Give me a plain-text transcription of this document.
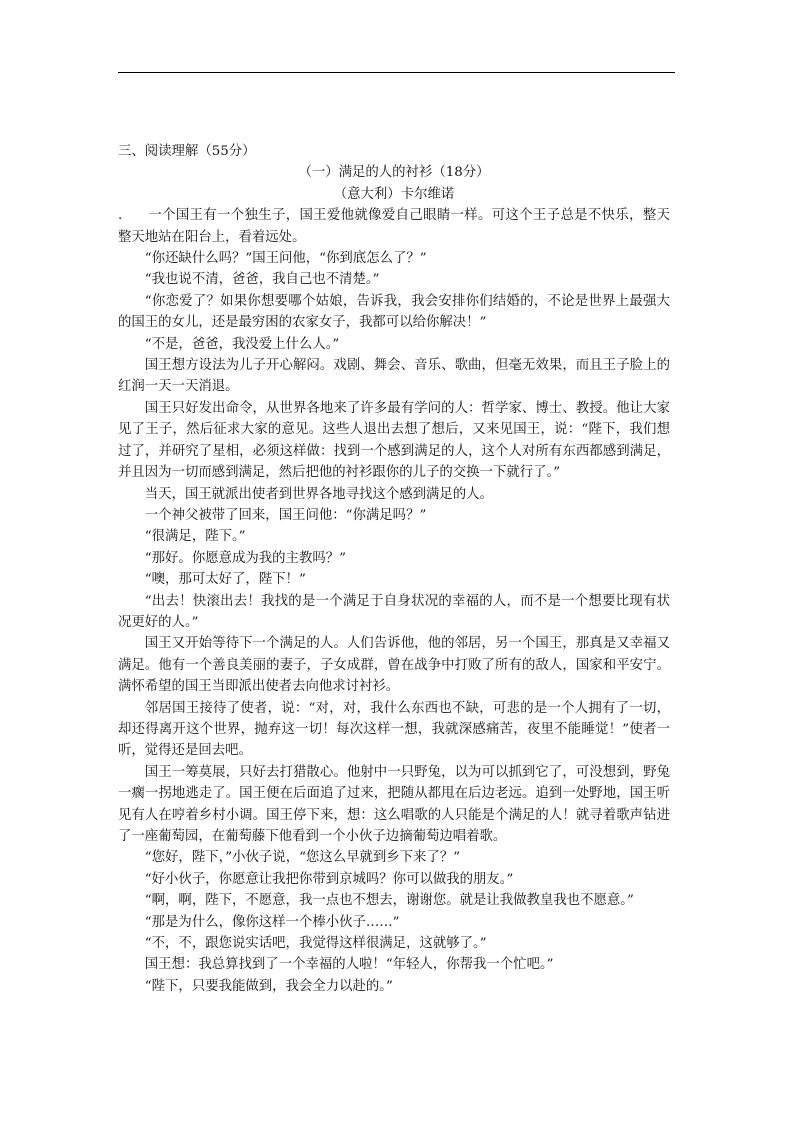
三、阅读理解（55分）

（一）满足的人的衬衫（18分）

（意大利）卡尔维诺

. 一个国王有一个独生子，国王爱他就像爱自己眼睛一样。可这个王子总是不快乐，整天整天地站在阳台上，看着远处。

“你还缺什么吗？”国王问他，“你到底怎么了？”

“我也说不清，爸爸，我自己也不清楚。”

“你恋爱了？如果你想要哪个姑娘，告诉我，我会安排你们结婚的，不论是世界上最强大的国王的女儿，还是最穷困的农家女子，我都可以给你解决！”

“不是，爸爸，我没爱上什么人。”

国王想方设法为儿子开心解闷。戏剧、舞会、音乐、歌曲，但毫无效果，而且王子脸上的红润一天一天消退。

国王只好发出命令，从世界各地来了许多最有学问的人：哲学家、博士、教授。他让大家见了王子，然后征求大家的意见。这些人退出去想了想后，又来见国王，说：“陛下，我们想过了，并研究了星相，必须这样做：找到一个感到满足的人，这个人对所有东西都感到满足，并且因为一切而感到满足，然后把他的衬衫跟你的儿子的交换一下就行了。”

当天，国王就派出使者到世界各地寻找这个感到满足的人。

一个神父被带了回来，国王问他：“你满足吗？”

“很满足，陛下。”

“那好。你愿意成为我的主教吗？”

“噢，那可太好了，陛下！”

“出去！快滚出去！我找的是一个满足于自身状况的幸福的人，而不是一个想要比现有状况更好的人。”

国王又开始等待下一个满足的人。人们告诉他，他的邻居，另一个国王，那真是又幸福又满足。他有一个善良美丽的妻子，子女成群，曾在战争中打败了所有的敌人，国家和平安宁。满怀希望的国王当即派出使者去向他求讨衬衫。

邻居国王接待了使者，说：“对，对，我什么东西也不缺，可悲的是一个人拥有了一切，却还得离开这个世界，抛弃这一切！每次这样一想，我就深感痛苦，夜里不能睡觉！”使者一听，觉得还是回去吧。

国王一筹莫展，只好去打猎散心。他射中一只野兔，以为可以抓到它了，可没想到，野兔一瘸一拐地逃走了。国王便在后面追了过来，把随从都甩在后边老远。追到一处野地，国王听见有人在哼着乡村小调。国王停下来，想：这么唱歌的人只能是个满足的人！就寻着歌声钻进了一座葡萄园，在葡萄藤下他看到一个小伙子边摘葡萄边唱着歌。

“您好，陛下，”小伙子说，“您这么早就到乡下来了？”

“好小伙子，你愿意让我把你带到京城吗？你可以做我的朋友。”

“啊，啊，陛下，不愿意，我一点也不想去，谢谢您。就是让我做教皇我也不愿意。”

“那是为什么，像你这样一个棒小伙子……”

“不，不，跟您说实话吧，我觉得这样很满足，这就够了。”

国王想：我总算找到了一个幸福的人啦！“年轻人，你帮我一个忙吧。”

“陛下，只要我能做到，我会全力以赴的。”
